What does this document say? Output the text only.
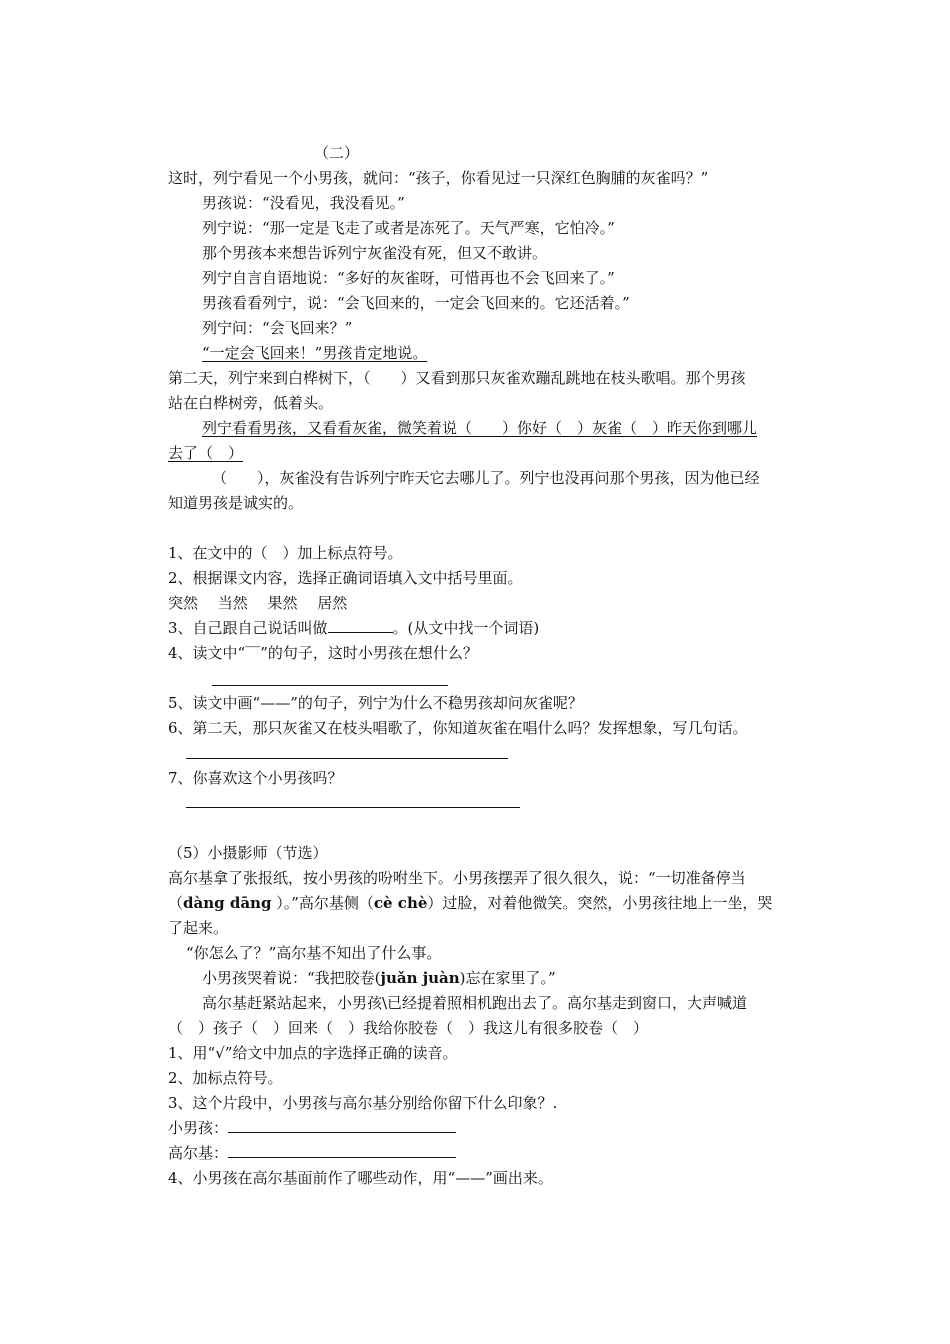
（二）
这时，列宁看见一个小男孩，就问：“孩子，你看见过一只深红色胸脯的灰雀吗？”
男孩说：“没看见，我没看见。”
列宁说：“那一定是飞走了或者是冻死了。天气严寒，它怕冷。”
那个男孩本来想告诉列宁灰雀没有死，但又不敢讲。
列宁自言自语地说：“多好的灰雀呀，可惜再也不会飞回来了。”
男孩看看列宁，说：“会飞回来的，一定会飞回来的。它还活着。”
列宁问：“会飞回来？”
“一定会飞回来！”男孩肯定地说。
第二天，列宁来到白桦树下，（　　）又看到那只灰雀欢蹦乱跳地在枝头歌唱。那个男孩
站在白桦树旁，低着头。
列宁看看男孩，又看看灰雀，微笑着说（　　）你好（　）灰雀（　）昨天你到哪儿
去了（　）
（　　），灰雀没有告诉列宁昨天它去哪儿了。列宁也没再问那个男孩，因为他已经
知道男孩是诚实的。
1、在文中的（　）加上标点符号。
2、根据课文内容，选择正确词语填入文中括号里面。
突然　 当然　 果然　 居然
3、自己跟自己说话叫做	。(从文中找一个词语)
4、读文中“‾‾”的句子，这时小男孩在想什么？
5、读文中画“——”的句子，列宁为什么不稳男孩却问灰雀呢？
6、第二天，那只灰雀又在枝头唱歌了，你知道灰雀在唱什么吗？发挥想象，写几句话。
7、你喜欢这个小男孩吗？
（5）小摄影师（节选）
高尔基拿了张报纸，按小男孩的吩咐坐下。小男孩摆弄了很久很久，说：“一切准备停当
（dàng dāng ）。”高尔基侧（cè chè）过脸，对着他微笑。突然，小男孩往地上一坐，哭
了起来。
“你怎么了？”高尔基不知出了什么事。
小男孩哭着说：“我把胶卷(juǎn juàn)忘在家里了。”
高尔基赶紧站起来，小男孩\已经提着照相机跑出去了。高尔基走到窗口，大声喊道
（　）孩子（　）回来（　）我给你胶卷（　）我这儿有很多胶卷（　）
1、用“√”给文中加点的字选择正确的读音。
2、加标点符号。
3、这个片段中，小男孩与高尔基分别给你留下什么印象？.
小男孩：
高尔基：
4、小男孩在高尔基面前作了哪些动作，用“——”画出来。
